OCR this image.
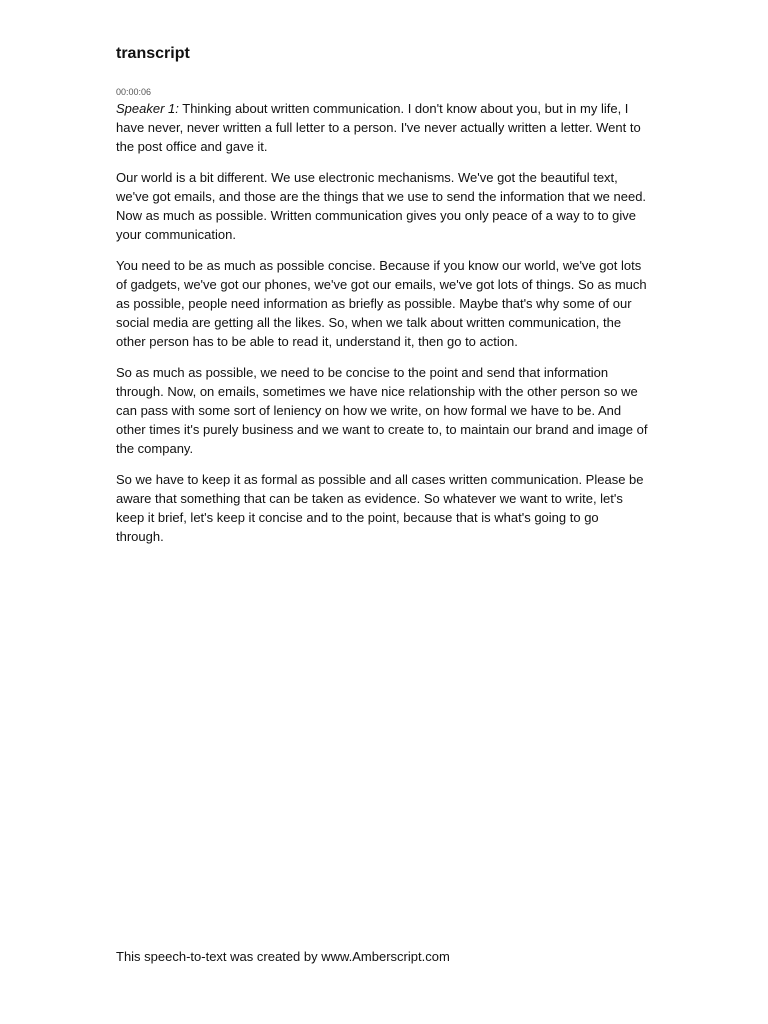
transcript
00:00:06

Speaker 1: Thinking about written communication. I don't know about you, but in my life, I have never, never written a full letter to a person. I've never actually written a letter. Went to the post office and gave it.

Our world is a bit different. We use electronic mechanisms. We've got the beautiful text, we've got emails, and those are the things that we use to send the information that we need. Now as much as possible. Written communication gives you only peace of a way to to give your communication.

You need to be as much as possible concise. Because if you know our world, we've got lots of gadgets, we've got our phones, we've got our emails, we've got lots of things. So as much as possible, people need information as briefly as possible. Maybe that's why some of our social media are getting all the likes. So, when we talk about written communication, the other person has to be able to read it, understand it, then go to action.

So as much as possible, we need to be concise to the point and send that information through. Now, on emails, sometimes we have nice relationship with the other person so we can pass with some sort of leniency on how we write, on how formal we have to be. And other times it's purely business and we want to create to, to maintain our brand and image of the company.

So we have to keep it as formal as possible and all cases written communication. Please be aware that something that can be taken as evidence. So whatever we want to write, let's keep it brief, let's keep it concise and to the point, because that is what's going to go through.

This speech-to-text was created by www.Amberscript.com
